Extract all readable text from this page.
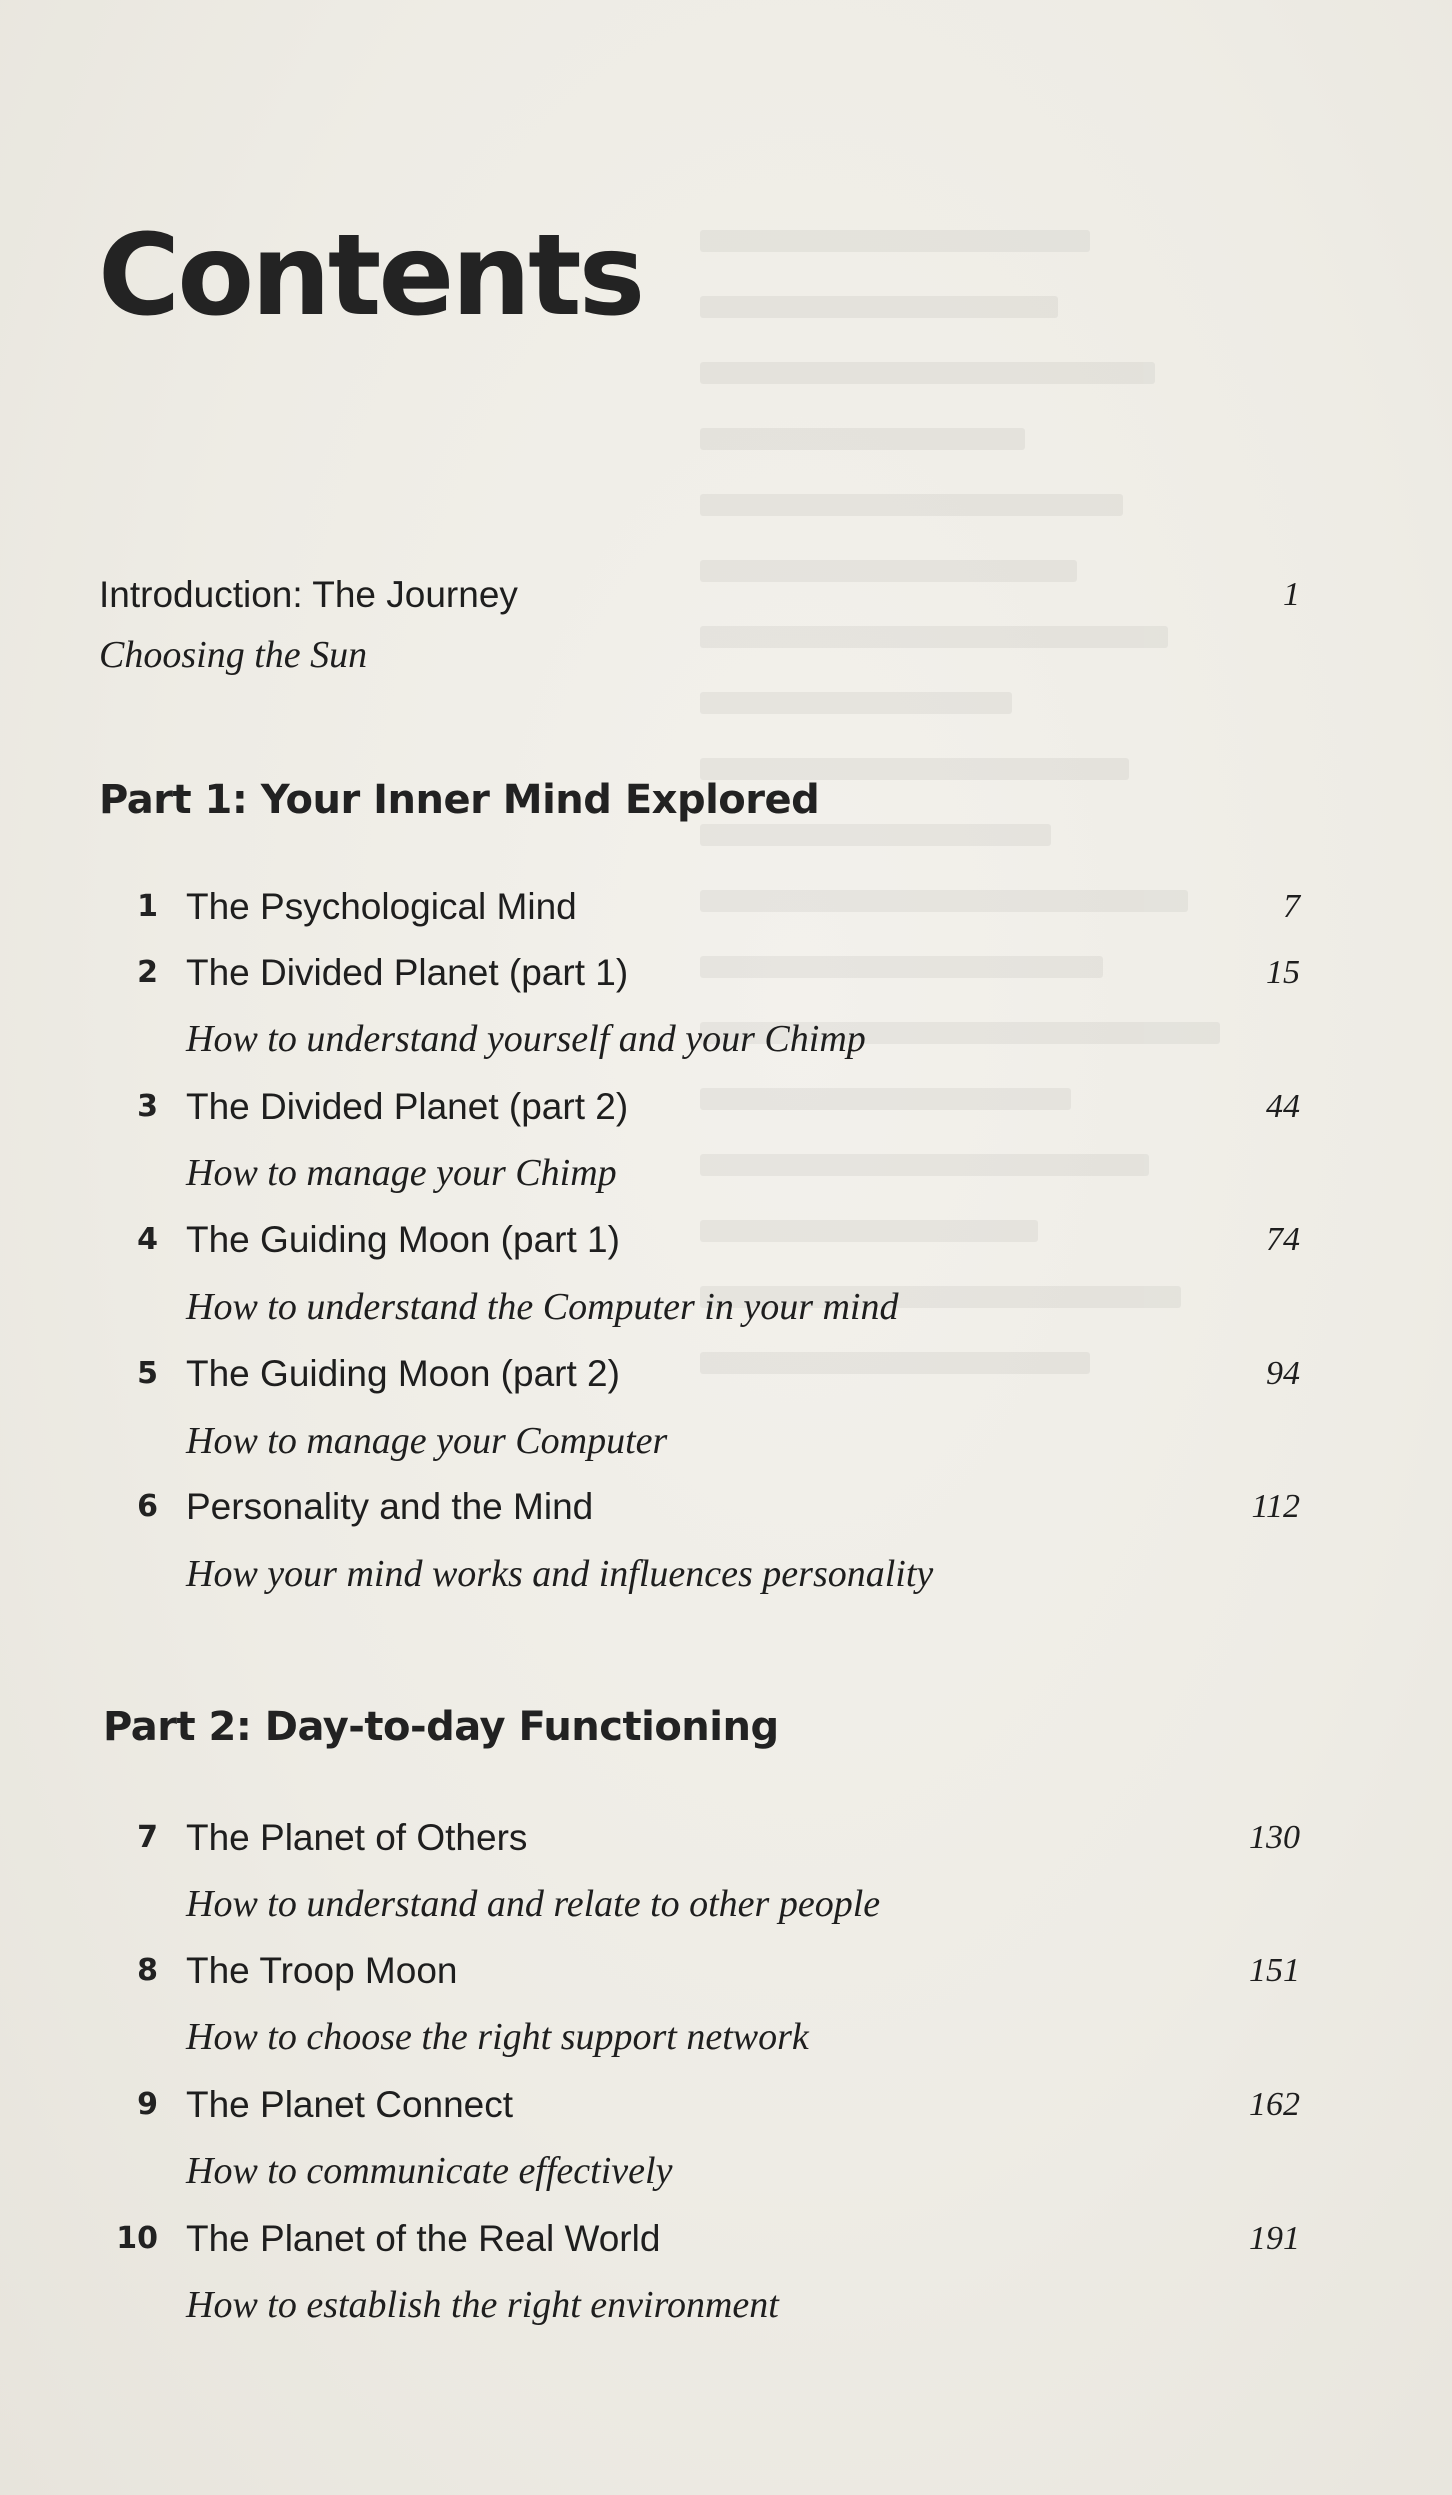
Contents
Introduction: The Journey	1
Choosing the Sun
Part 1: Your Inner Mind Explored
1 The Psychological Mind	7
2 The Divided Planet (part 1)	15
How to understand yourself and your Chimp
3 The Divided Planet (part 2)	44
How to manage your Chimp
4 The Guiding Moon (part 1)	74
How to understand the Computer in your mind
5 The Guiding Moon (part 2)	94
How to manage your Computer
6 Personality and the Mind	112
How your mind works and influences personality
Part 2: Day-to-day Functioning
7 The Planet of Others	130
How to understand and relate to other people
8 The Troop Moon	151
How to choose the right support network
9 The Planet Connect	162
How to communicate effectively
10 The Planet of the Real World	191
How to establish the right environment
